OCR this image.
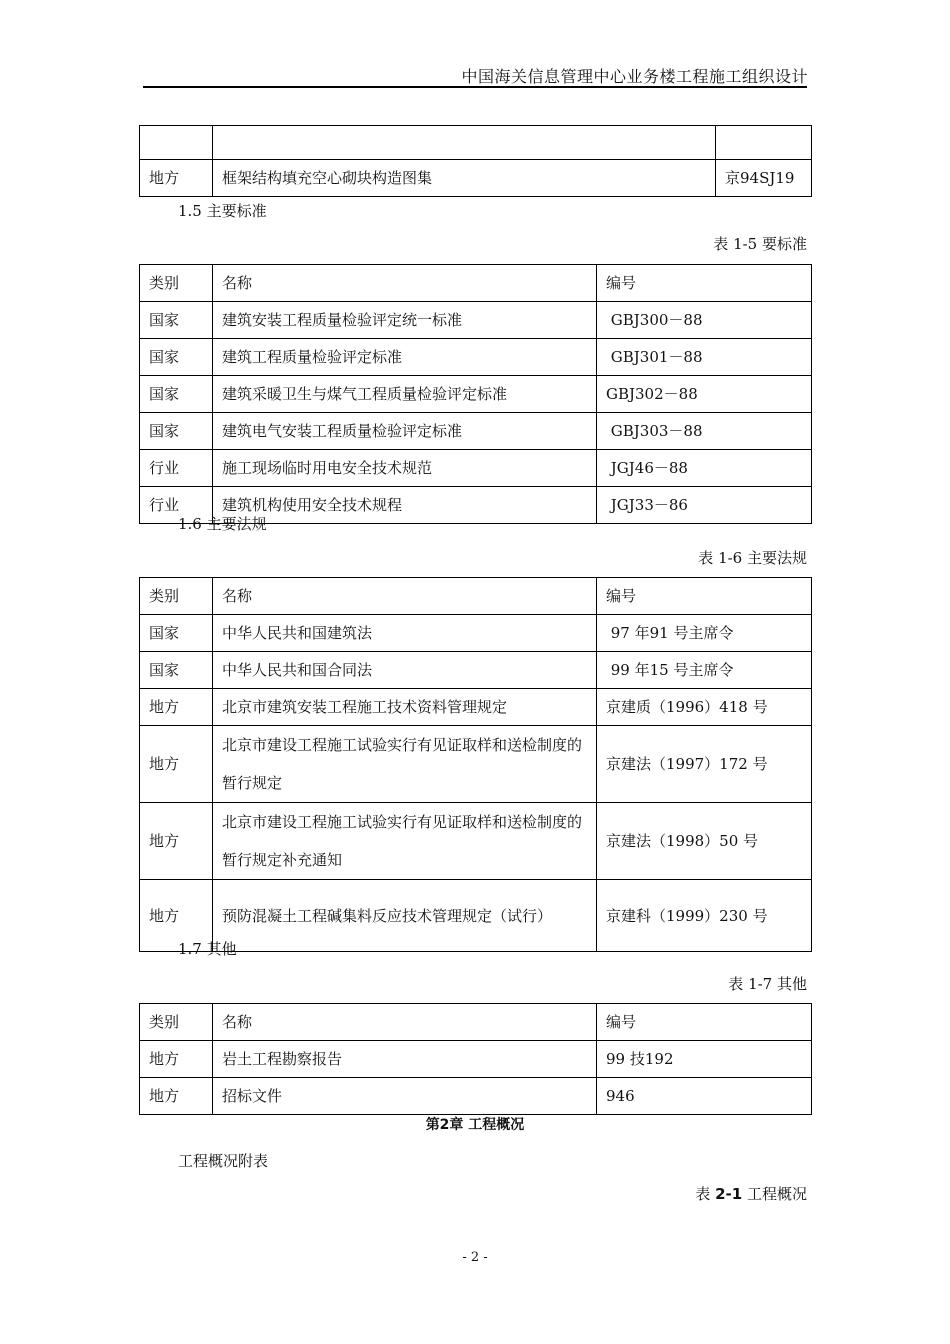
中国海关信息管理中心业务楼工程施工组织设计

地方	框架结构填充空心砌块构造图集	京94SJ19
1.5 主要标准
表 1-5 要标准
类别	名称	编号
国家	建筑安装工程质量检验评定统一标准	GBJ300－88
国家	建筑工程质量检验评定标准	GBJ301－88
国家	建筑采暖卫生与煤气工程质量检验评定标准	GBJ302－88
国家	建筑电气安装工程质量检验评定标准	GBJ303－88
行业	施工现场临时用电安全技术规范	JGJ46－88
行业	建筑机构使用安全技术规程	JGJ33－86
1.6 主要法规
表 1-6 主要法规
类别	名称	编号
国家	中华人民共和国建筑法	97 年91 号主席令
国家	中华人民共和国合同法	99 年15 号主席令
地方	北京市建筑安装工程施工技术资料管理规定	京建质（1996）418 号
地方	北京市建设工程施工试验实行有见证取样和送检制度的暂行规定	京建法（1997）172 号
地方	北京市建设工程施工试验实行有见证取样和送检制度的暂行规定补充通知	京建法（1998）50 号
地方	预防混凝土工程碱集料反应技术管理规定（试行）	京建科（1999）230 号
1.7 其他
表 1-7 其他
类别	名称	编号
地方	岩土工程勘察报告	99 技192
地方	招标文件	946
第2章 工程概况
工程概况附表
表 2-1 工程概况
- 2 -
